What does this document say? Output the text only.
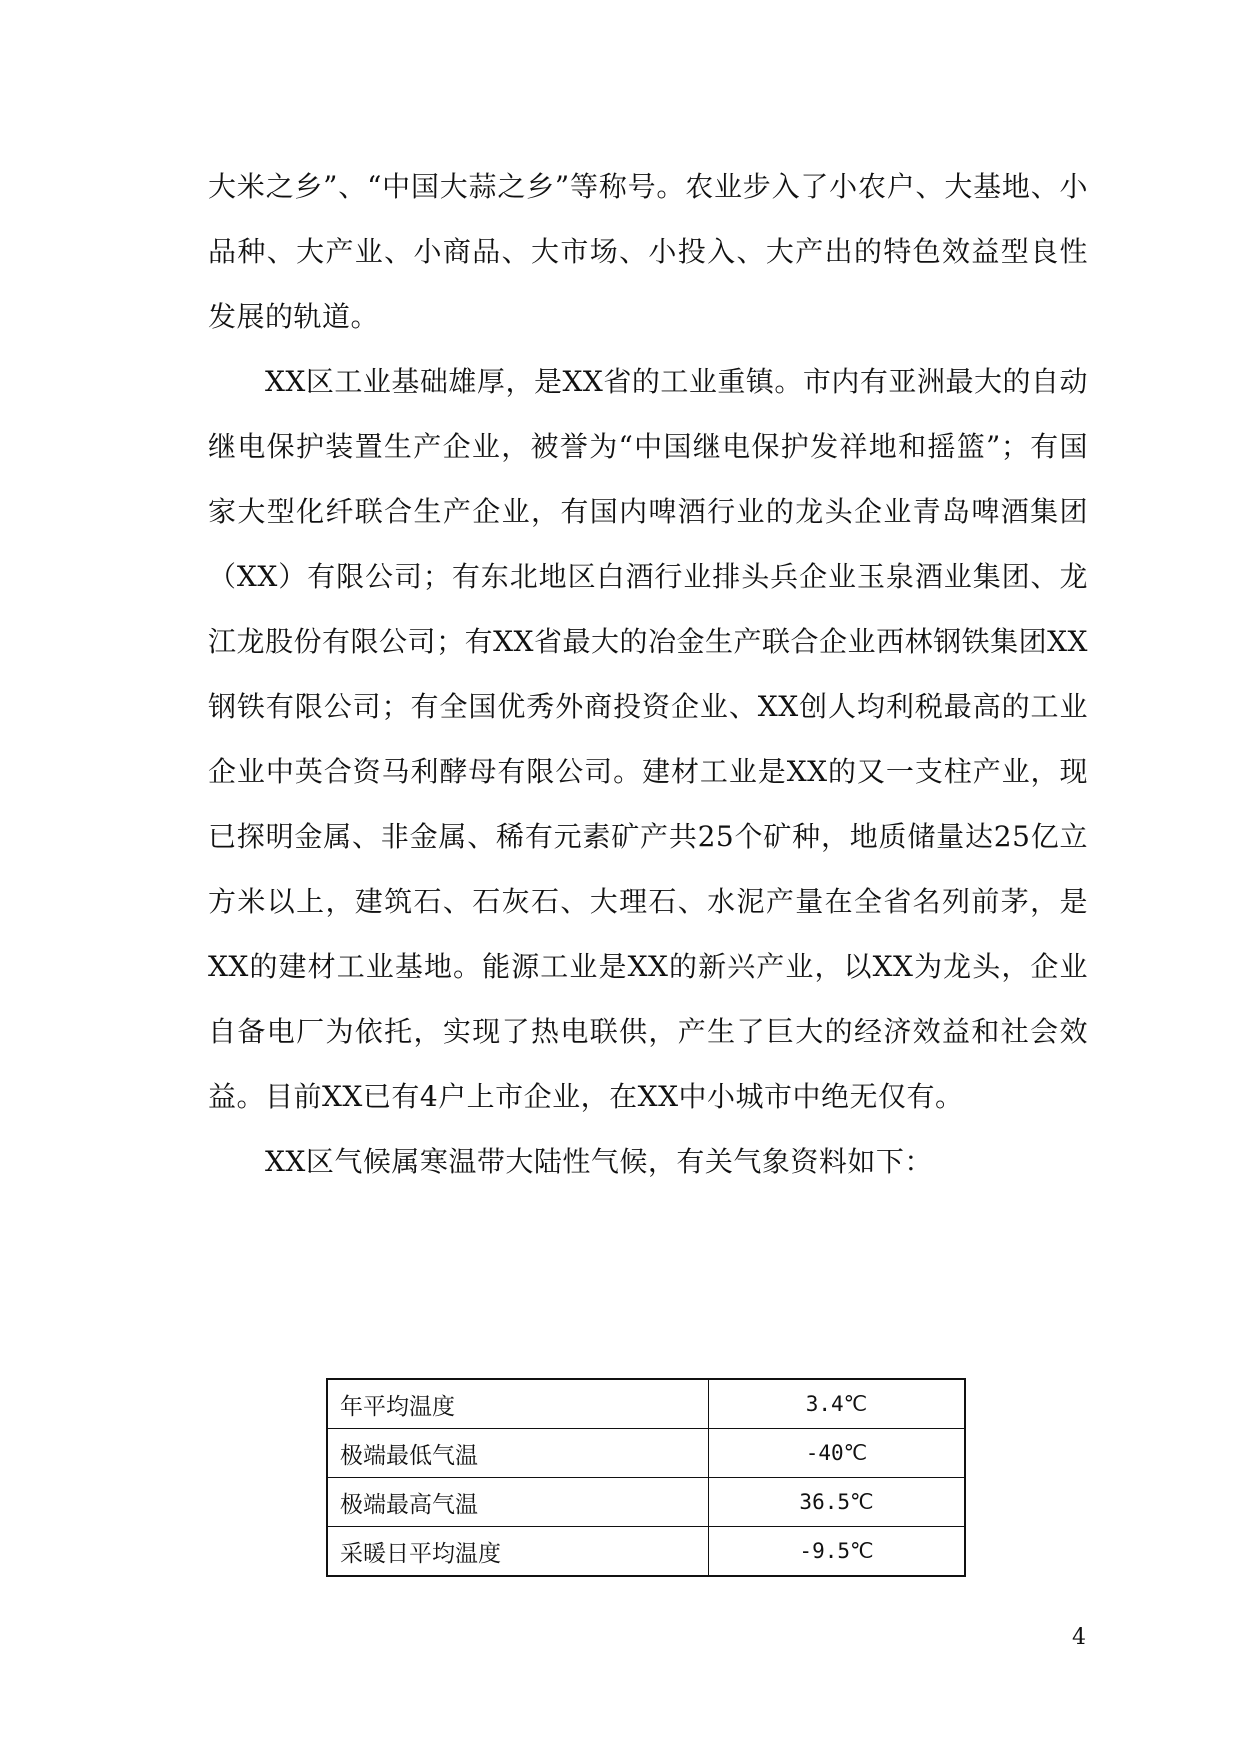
大米之乡”、“中国大蒜之乡”等称号。农业步入了小农户、大基地、小品种、大产业、小商品、大市场、小投入、大产出的特色效益型良性发展的轨道。

XX区工业基础雄厚，是XX省的工业重镇。市内有亚洲最大的自动继电保护装置生产企业，被誉为“中国继电保护发祥地和摇篮”；有国家大型化纤联合生产企业，有国内啤酒行业的龙头企业青岛啤酒集团（XX）有限公司；有东北地区白酒行业排头兵企业玉泉酒业集团、龙江龙股份有限公司；有XX省最大的冶金生产联合企业西林钢铁集团XX钢铁有限公司；有全国优秀外商投资企业、XX创人均利税最高的工业企业中英合资马利酵母有限公司。建材工业是XX的又一支柱产业，现已探明金属、非金属、稀有元素矿产共25个矿种，地质储量达25亿立方米以上，建筑石、石灰石、大理石、水泥产量在全省名列前茅，是XX的建材工业基地。能源工业是XX的新兴产业，以XX为龙头，企业自备电厂为依托，实现了热电联供，产生了巨大的经济效益和社会效益。目前XX已有4户上市企业，在XX中小城市中绝无仅有。

XX区气候属寒温带大陆性气候，有关气象资料如下：

年平均温度	3.4℃
极端最低气温	-40℃
极端最高气温	36.5℃
采暖日平均温度	-9.5℃
4
